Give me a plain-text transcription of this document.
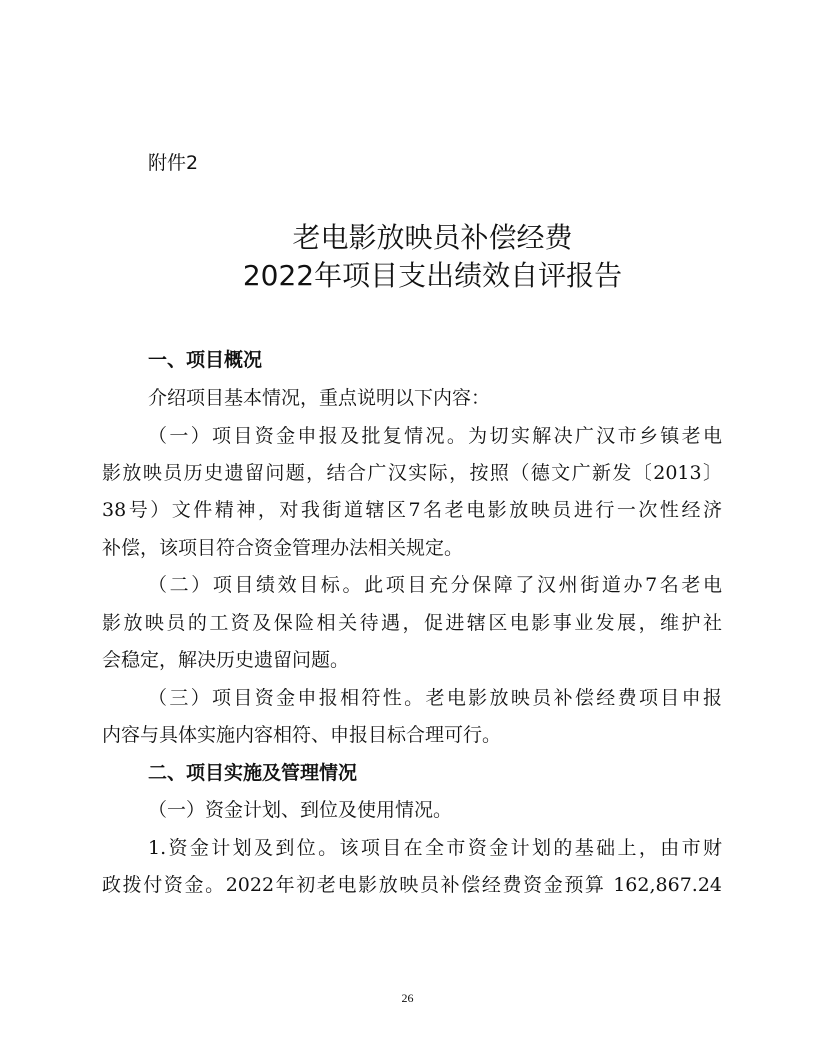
附件2
老电影放映员补偿经费
2022年项目支出绩效自评报告
一、项目概况
介绍项目基本情况，重点说明以下内容：
（一）项目资金申报及批复情况。为切实解决广汉市乡镇老电
影放映员历史遗留问题，结合广汉实际，按照（德文广新发〔2013〕
38号）文件精神，对我街道辖区7名老电影放映员进行一次性经济
补偿，该项目符合资金管理办法相关规定。
（二）项目绩效目标。此项目充分保障了汉州街道办7名老电
影放映员的工资及保险相关待遇，促进辖区电影事业发展，维护社
会稳定，解决历史遗留问题。
（三）项目资金申报相符性。老电影放映员补偿经费项目申报
内容与具体实施内容相符、申报目标合理可行。
二、项目实施及管理情况
（一）资金计划、到位及使用情况。
1.资金计划及到位。该项目在全市资金计划的基础上，由市财
政拨付资金。2022年初老电影放映员补偿经费资金预算 162,867.24
26
